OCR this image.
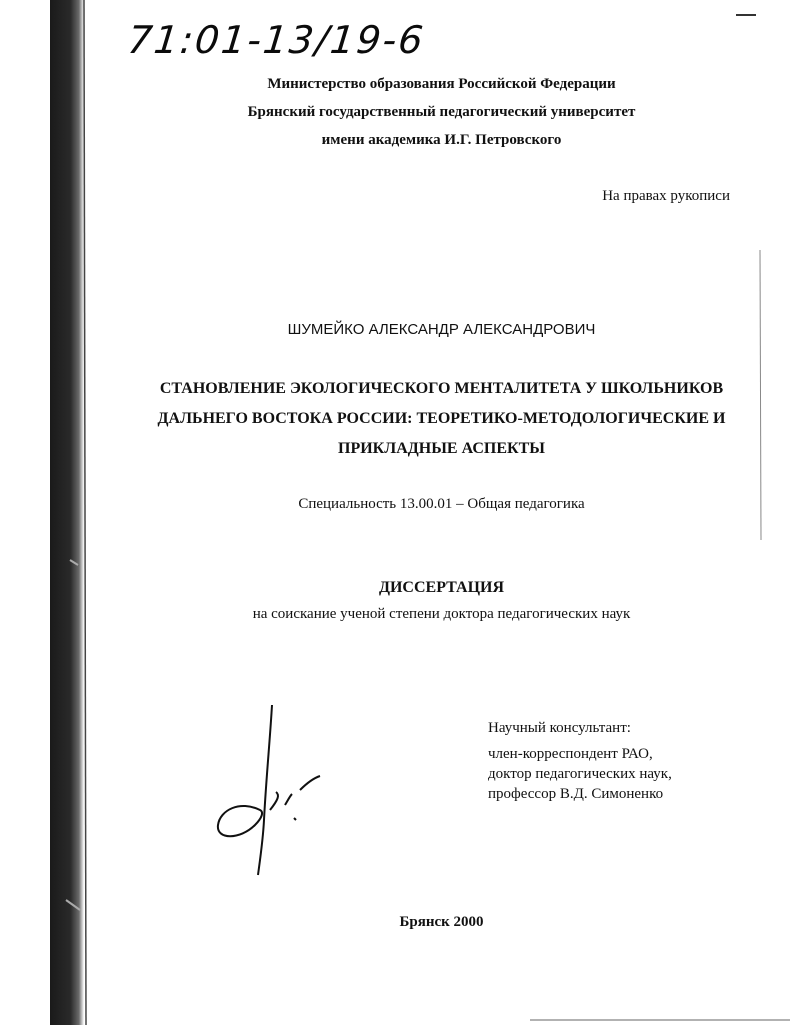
71:01-13/19-6
Министерство образования Российской Федерации
Брянский государственный педагогический университет
имени академика И.Г. Петровского
На правах рукописи
ШУМЕЙКО АЛЕКСАНДР АЛЕКСАНДРОВИЧ
СТАНОВЛЕНИЕ ЭКОЛОГИЧЕСКОГО МЕНТАЛИТЕТА У ШКОЛЬНИКОВ
ДАЛЬНЕГО ВОСТОКА РОССИИ: ТЕОРЕТИКО-МЕТОДОЛОГИЧЕСКИЕ И
ПРИКЛАДНЫЕ АСПЕКТЫ
Специальность 13.00.01 – Общая педагогика
ДИССЕРТАЦИЯ
на соискание ученой степени доктора педагогических наук
Научный консультант:
член-корреспондент РАО,
доктор педагогических наук,
профессор В.Д. Симоненко
Брянск 2000
